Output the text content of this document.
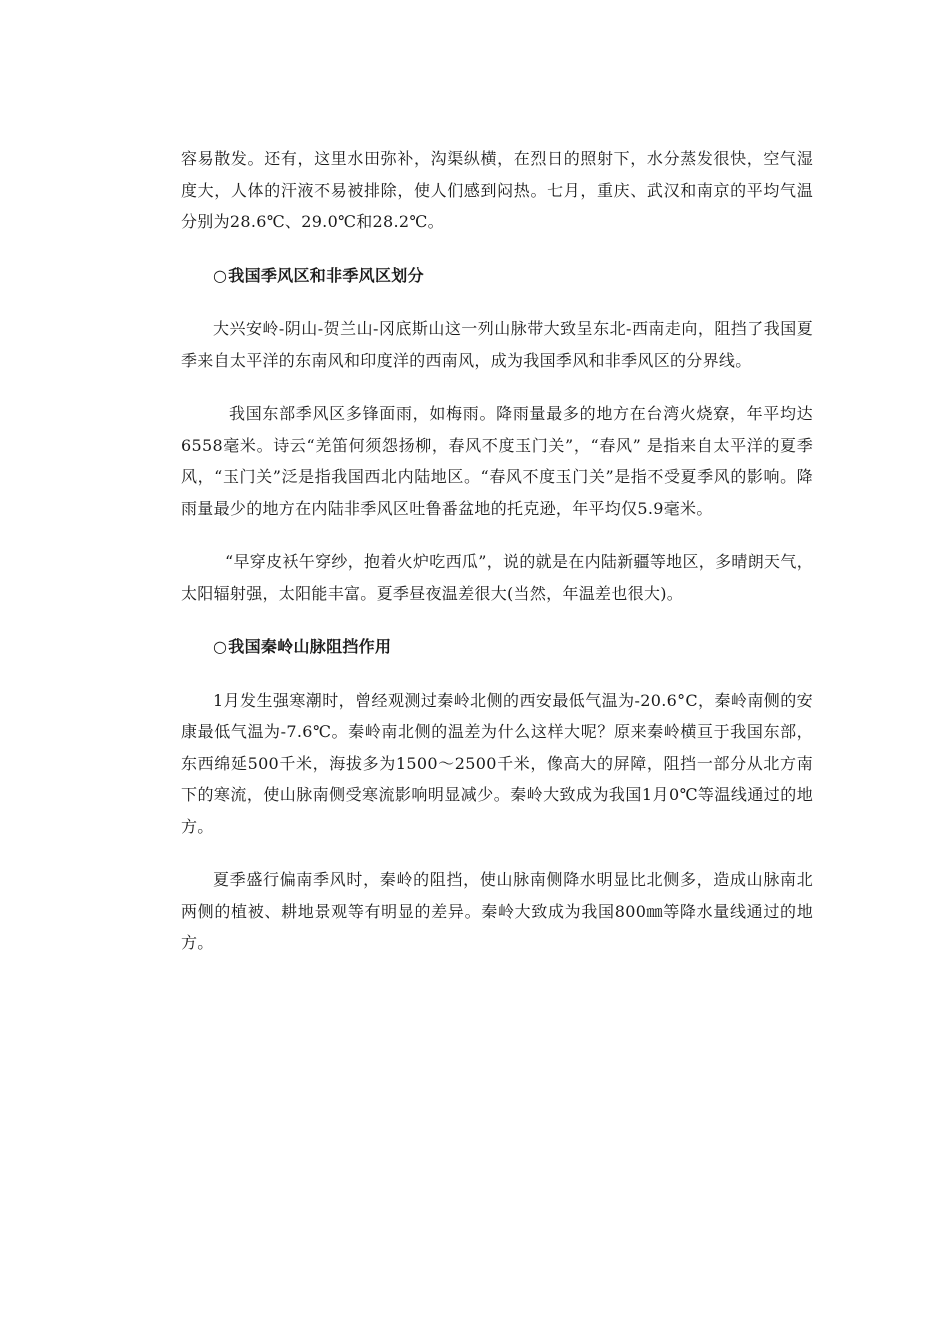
容易散发。还有，这里水田弥补，沟渠纵横，在烈日的照射下，水分蒸发很快，空气湿度大，人体的汗液不易被排除，使人们感到闷热。七月，重庆、武汉和南京的平均气温分别为28.6℃、29.0℃和28.2℃。

○我国季风区和非季风区划分

大兴安岭-阴山-贺兰山-冈底斯山这一列山脉带大致呈东北-西南走向，阻挡了我国夏季来自太平洋的东南风和印度洋的西南风，成为我国季风和非季风区的分界线。

我国东部季风区多锋面雨，如梅雨。降雨量最多的地方在台湾火烧寮，年平均达6558毫米。诗云“羌笛何须怨扬柳，春风不度玉门关”，“春风” 是指来自太平洋的夏季风，“玉门关”泛是指我国西北内陆地区。“春风不度玉门关”是指不受夏季风的影响。降雨量最少的地方在内陆非季风区吐鲁番盆地的托克逊，年平均仅5.9毫米。

“早穿皮袄午穿纱，抱着火炉吃西瓜”，说的就是在内陆新疆等地区，多晴朗天气，太阳辐射强，太阳能丰富。夏季昼夜温差很大(当然，年温差也很大)。

○我国秦岭山脉阻挡作用

1月发生强寒潮时，曾经观测过秦岭北侧的西安最低气温为-20.6°C，秦岭南侧的安康最低气温为-7.6℃。秦岭南北侧的温差为什么这样大呢？原来秦岭横亘于我国东部，东西绵延500千米，海拔多为1500～2500千米，像高大的屏障，阻挡一部分从北方南下的寒流，使山脉南侧受寒流影响明显减少。秦岭大致成为我国1月0℃等温线通过的地方。

夏季盛行偏南季风时，秦岭的阻挡，使山脉南侧降水明显比北侧多，造成山脉南北两侧的植被、耕地景观等有明显的差异。秦岭大致成为我国800㎜等降水量线通过的地方。
